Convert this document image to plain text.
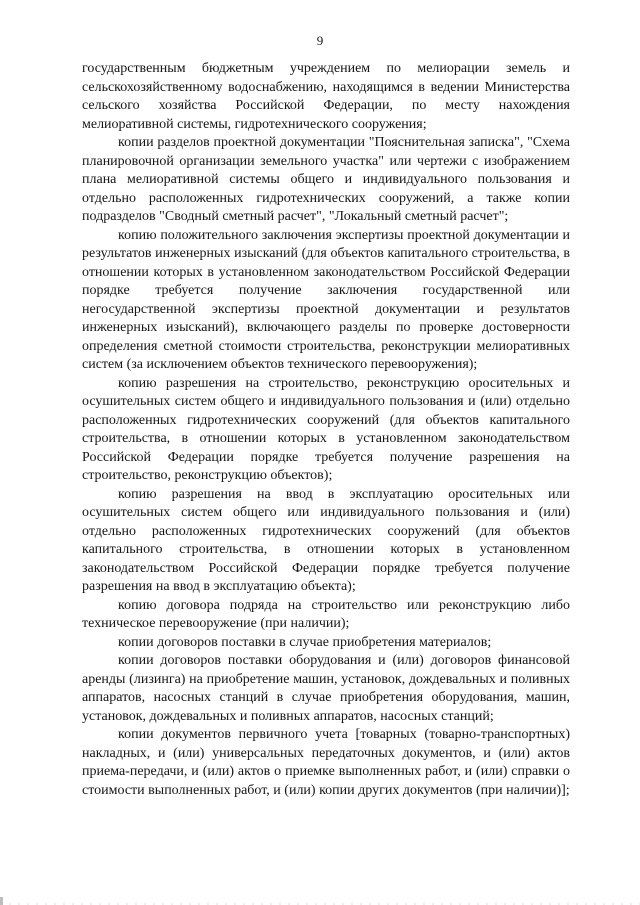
9

государственным бюджетным учреждением по мелиорации земель и сельскохозяйственному водоснабжению, находящимся в ведении Министерства сельского хозяйства Российской Федерации, по месту нахождения мелиоративной системы, гидротехнического сооружения;

копии разделов проектной документации "Пояснительная записка", "Схема планировочной организации земельного участка" или чертежи с изображением плана мелиоративной системы общего и индивидуального пользования и отдельно расположенных гидротехнических сооружений, а также копии подразделов "Сводный сметный расчет", "Локальный сметный расчет";

копию положительного заключения экспертизы проектной документации и результатов инженерных изысканий (для объектов капитального строительства, в отношении которых в установленном законодательством Российской Федерации порядке требуется получение заключения государственной или негосударственной экспертизы проектной документации и результатов инженерных изысканий), включающего разделы по проверке достоверности определения сметной стоимости строительства, реконструкции мелиоративных систем (за исключением объектов технического перевооружения);

копию разрешения на строительство, реконструкцию оросительных и осушительных систем общего и индивидуального пользования и (или) отдельно расположенных гидротехнических сооружений (для объектов капитального строительства, в отношении которых в установленном законодательством Российской Федерации порядке требуется получение разрешения на строительство, реконструкцию объектов);

копию разрешения на ввод в эксплуатацию оросительных или осушительных систем общего или индивидуального пользования и (или) отдельно расположенных гидротехнических сооружений (для объектов капитального строительства, в отношении которых в установленном законодательством Российской Федерации порядке требуется получение разрешения на ввод в эксплуатацию объекта);

копию договора подряда на строительство или реконструкцию либо техническое перевооружение (при наличии);

копии договоров поставки в случае приобретения материалов;

копии договоров поставки оборудования и (или) договоров финансовой аренды (лизинга) на приобретение машин, установок, дождевальных и поливных аппаратов, насосных станций в случае приобретения оборудования, машин, установок, дождевальных и поливных аппаратов, насосных станций;

копии документов первичного учета [товарных (товарно-транспортных) накладных, и (или) универсальных передаточных документов, и (или) актов приема-передачи, и (или) актов о приемке выполненных работ, и (или) справки о стоимости выполненных работ, и (или) копии других документов (при наличии)];
